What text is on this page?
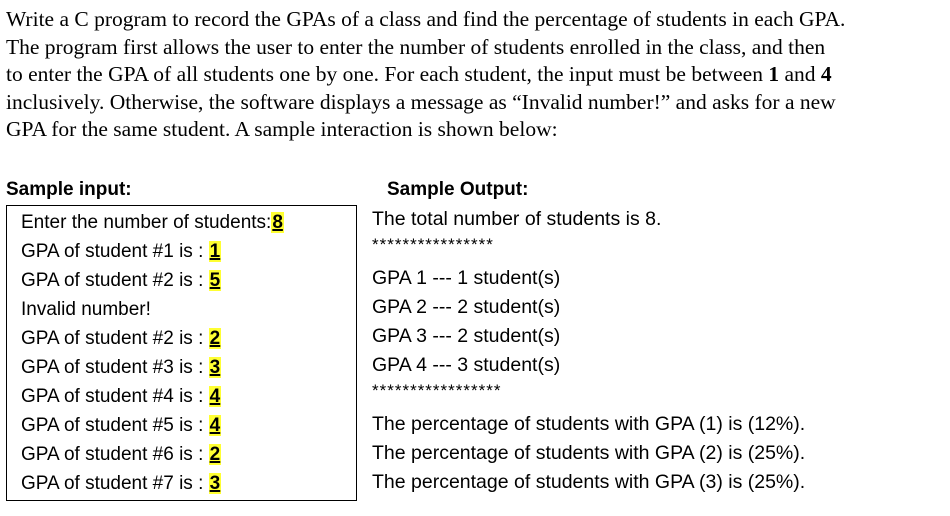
Write a C program to record the GPAs of a class and find the percentage of students in each GPA.

The program first allows the user to enter the number of students enrolled in the class, and then

to enter the GPA of all students one by one. For each student, the input must be between 1 and 4

inclusively. Otherwise, the software displays a message as “Invalid number!” and asks for a new

GPA for the same student. A sample interaction is shown below:

Sample input:	Sample Output:
Enter the number of students:8
GPA of student #1 is : 1
GPA of student #2 is : 5
Invalid number!
GPA of student #2 is : 2
GPA of student #3 is : 3
GPA of student #4 is : 4
GPA of student #5 is : 4
GPA of student #6 is : 2
GPA of student #7 is : 3
The total number of students is 8.
****************
GPA 1 --- 1 student(s)
GPA 2 --- 2 student(s)
GPA 3 --- 2 student(s)
GPA 4 --- 3 student(s)
*****************
The percentage of students with GPA (1) is (12%).
The percentage of students with GPA (2) is (25%).
The percentage of students with GPA (3) is (25%).
